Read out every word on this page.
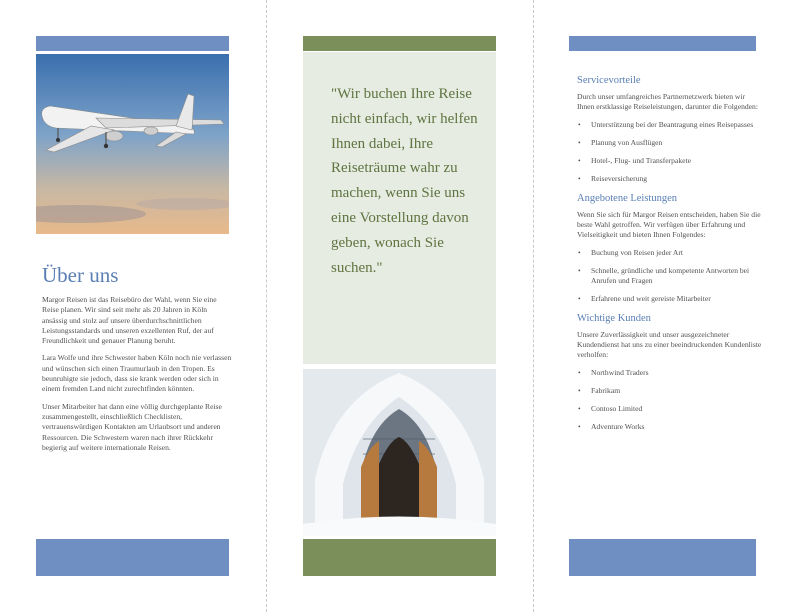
Über uns

Margor Reisen ist das Reisebüro der Wahl, wenn Sie eine Reise planen. Wir sind seit mehr als 20 Jahren in Köln ansässig und stolz auf unsere überdurchschnittlichen Leistungsstandards und unseren exzellenten Ruf, der auf Freundlichkeit und genauer Planung beruht.

Lara Wolfe und ihre Schwester haben Köln noch nie verlassen und wünschen sich einen Traumurlaub in den Tropen. Es beunruhigte sie jedoch, dass sie krank werden oder sich in einem fremden Land nicht zurechtfinden könnten.

Unser Mitarbeiter hat dann eine völlig durchgeplante Reise zusammengestellt, einschließlich Checklisten, vertrauenswürdigen Kontakten am Urlaubsort und anderen Ressourcen. Die Schwestern waren nach ihrer Rückkehr begierig auf weitere internationale Reisen.

"Wir buchen Ihre Reise nicht einfach, wir helfen Ihnen dabei, Ihre Reiseträume wahr zu machen, wenn Sie uns eine Vorstellung davon geben, wonach Sie suchen."

Servicevorteile

Durch unser umfangreiches Partnernetzwerk bieten wir Ihnen erstklassige Reiseleistungen, darunter die Folgenden:

• Unterstützung bei der Beantragung eines Reisepasses
• Planung von Ausflügen
• Hotel-, Flug- und Transferpakete
• Reiseversicherung
Angebotene Leistungen

Wenn Sie sich für Margor Reisen entscheiden, haben Sie die beste Wahl getroffen. Wir verfügen über Erfahrung und Vielseitigkeit und bieten Ihnen Folgendes:

• Buchung von Reisen jeder Art
• Schnelle, gründliche und kompetente Antworten bei Anrufen und Fragen
• Erfahrene und weit gereiste Mitarbeiter
Wichtige Kunden

Unsere Zuverlässigkeit und unser ausgezeichneter Kundendienst hat uns zu einer beeindruckenden Kundenliste verholfen:

• Northwind Traders
• Fabrikam
• Contoso Limited
• Adventure Works
